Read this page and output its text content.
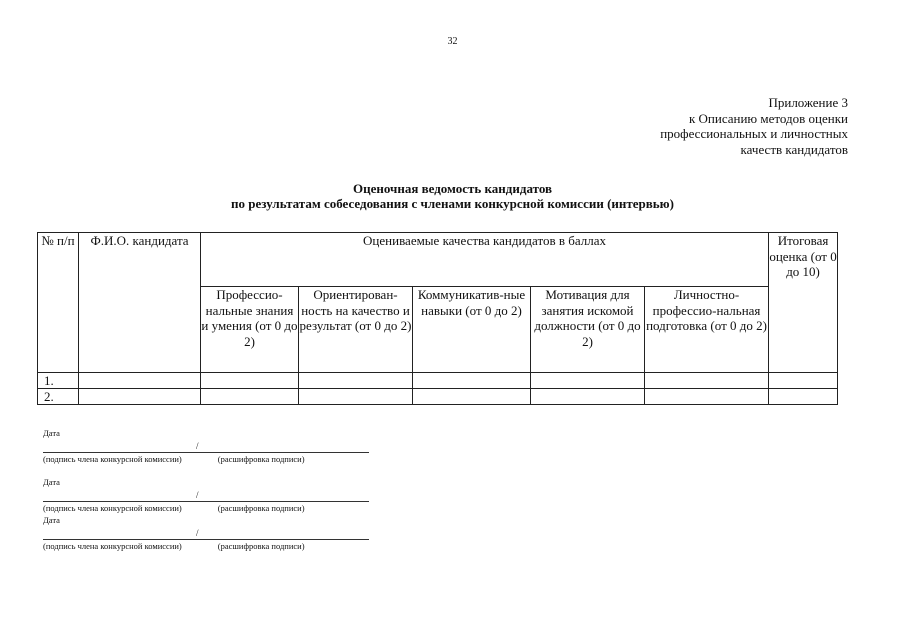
32
Приложение 3
к Описанию методов оценки
профессиональных и личностных
качеств кандидатов
Оценочная ведомость кандидатов
по результатам собеседования с членами конкурсной комиссии (интервью)
№ п/п	Ф.И.О. кандидата	Оцениваемые качества кандидатов в баллах					Итоговая оценка (от 0 до 10)
		Профессио-нальные знания и умения (от 0 до 2)	Ориентирован-ность на качество и результат (от 0 до 2)	Коммуникатив-ные навыки (от 0 до 2)	Мотивация для занятия искомой должности (от 0 до 2)	Личностно-профессио-нальная подготовка (от 0 до 2)	
1.							
2.							
Дата
/
(подпись члена конкурсной комиссии)	(расшифровка подписи)
Дата
/
(подпись члена конкурсной комиссии)	(расшифровка подписи)
Дата
/
(подпись члена конкурсной комиссии)	(расшифровка подписи)
